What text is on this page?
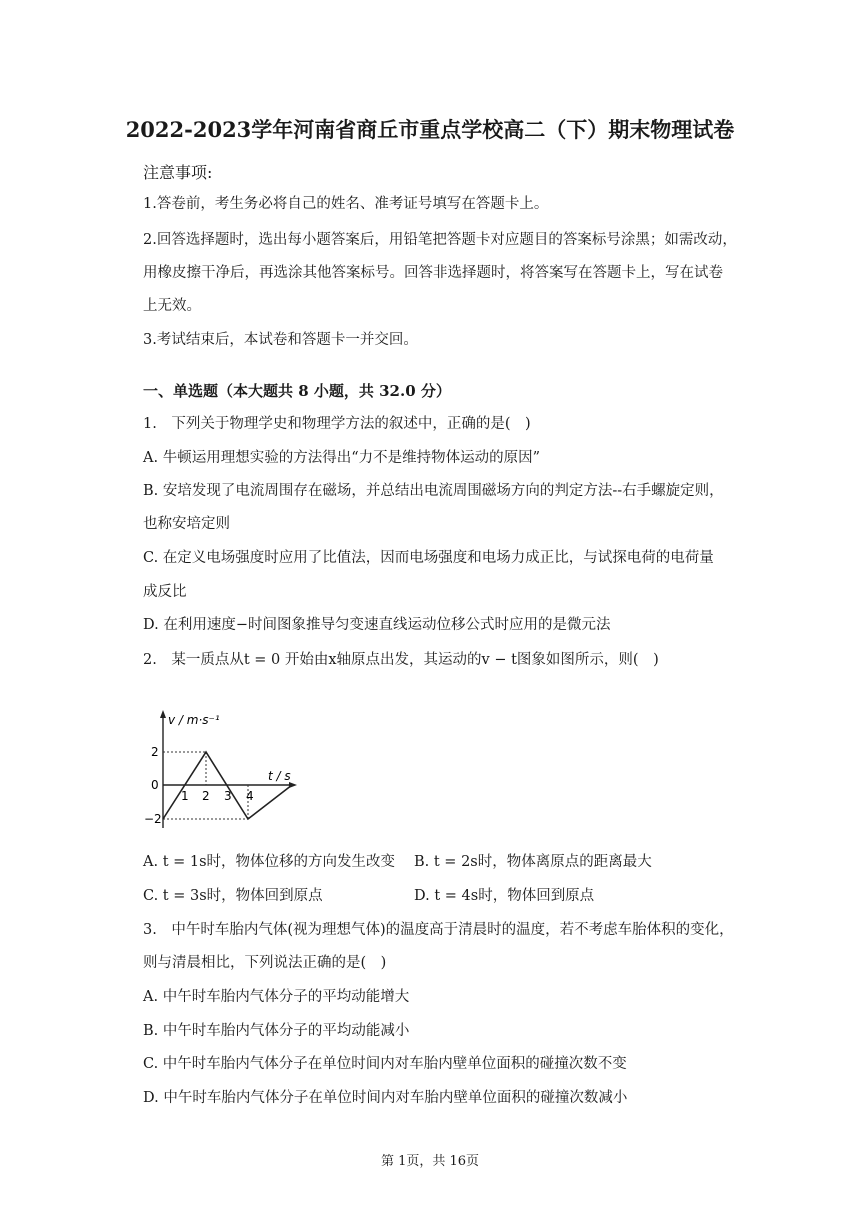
2022-2023学年河南省商丘市重点学校高二（下）期末物理试卷
注意事项:
1.答卷前，考生务必将自己的姓名、准考证号填写在答题卡上。
2.回答选择题时，选出每小题答案后，用铅笔把答题卡对应题目的答案标号涂黑；如需改动，
用橡皮擦干净后，再选涂其他答案标号。回答非选择题时，将答案写在答题卡上，写在试卷
上无效。
3.考试结束后，本试卷和答题卡一并交回。
一、单选题（本大题共 8 小题，共 32.0 分）
1.　下列关于物理学史和物理学方法的叙述中，正确的是(　)
A. 牛顿运用理想实验的方法得出“力不是维持物体运动的原因”
B. 安培发现了电流周围存在磁场，并总结出电流周围磁场方向的判定方法--右手螺旋定则，
也称安培定则
C. 在定义电场强度时应用了比值法，因而电场强度和电场力成正比，与试探电荷的电荷量
成反比
D. 在利用速度−时间图象推导匀变速直线运动位移公式时应用的是微元法
2.　某一质点从t = 0 开始由x轴原点出发，其运动的v − t图象如图所示，则(　)
v / m·s⁻¹
t / s
2
0
−2
1 2 3 4
A. t = 1s时，物体位移的方向发生改变 B. t = 2s时，物体离原点的距离最大
C. t = 3s时，物体回到原点	D. t = 4s时，物体回到原点
3.　中午时车胎内气体(视为理想气体)的温度高于清晨时的温度，若不考虑车胎体积的变化，
则与清晨相比，下列说法正确的是(　)
A. 中午时车胎内气体分子的平均动能增大
B. 中午时车胎内气体分子的平均动能减小
C. 中午时车胎内气体分子在单位时间内对车胎内壁单位面积的碰撞次数不变
D. 中午时车胎内气体分子在单位时间内对车胎内壁单位面积的碰撞次数减小
第 1页，共 16页
